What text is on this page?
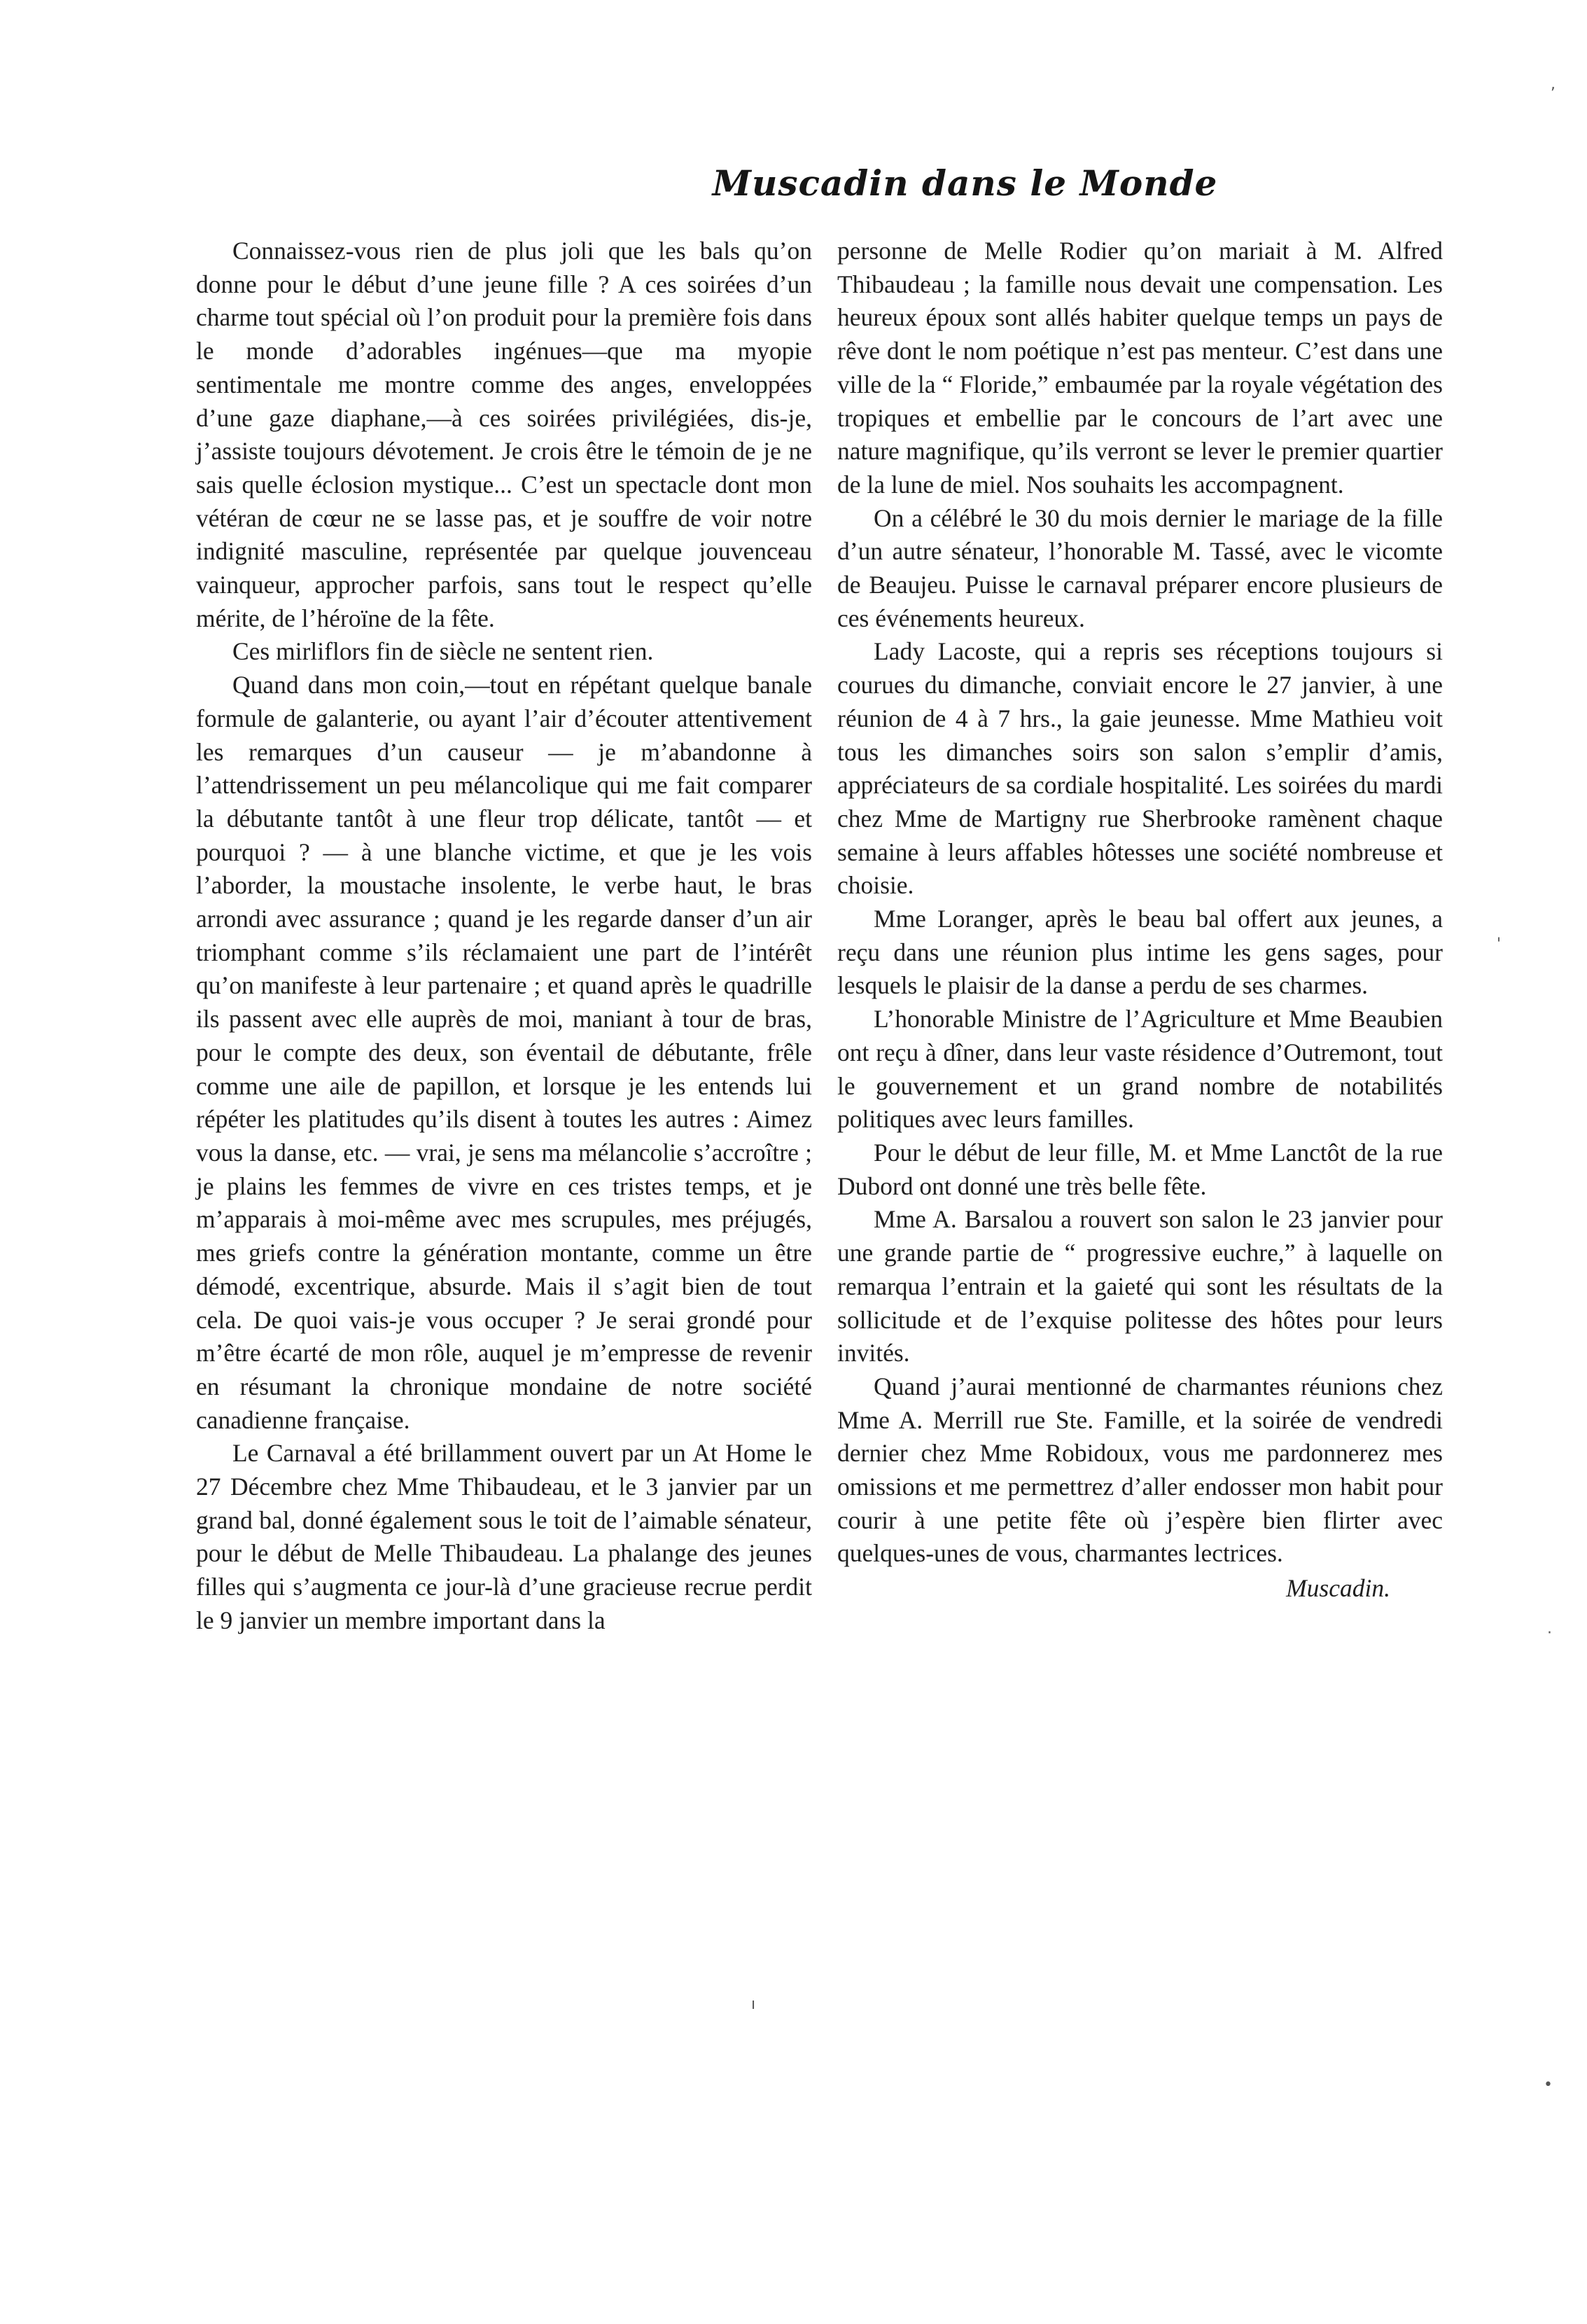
Muscadin dans le Monde

Connaissez-vous rien de plus joli que les bals qu’on donne pour le début d’une jeune fille ? A ces soirées d’un charme tout spécial où l’on produit pour la première fois dans le monde d’adorables ingénues—que ma myopie sentimentale me montre comme des anges, enveloppées d’une gaze diaphane,—à ces soirées privilégiées, dis-je, j’assiste toujours dévotement. Je crois être le témoin de je ne sais quelle éclosion mystique... C’est un spectacle dont mon vétéran de cœur ne se lasse pas, et je souffre de voir notre indignité masculine, représentée par quelque jouvenceau vainqueur, approcher parfois, sans tout le respect qu’elle mérite, de l’héroïne de la fête.

Ces mirliflors fin de siècle ne sentent rien.

Quand dans mon coin,—tout en répétant quelque banale formule de galanterie, ou ayant l’air d’écouter attentivement les remarques d’un causeur — je m’abandonne à l’attendrissement un peu mélancolique qui me fait comparer la débutante tantôt à une fleur trop délicate, tantôt — et pourquoi ? — à une blanche victime, et que je les vois l’aborder, la moustache insolente, le verbe haut, le bras arrondi avec assurance ; quand je les regarde danser d’un air triomphant comme s’ils réclamaient une part de l’intérêt qu’on manifeste à leur partenaire ; et quand après le quadrille ils passent avec elle auprès de moi, maniant à tour de bras, pour le compte des deux, son éventail de débutante, frêle comme une aile de papillon, et lorsque je les entends lui répéter les platitudes qu’ils disent à toutes les autres : Aimez vous la danse, etc. — vrai, je sens ma mélancolie s’accroître ; je plains les femmes de vivre en ces tristes temps, et je m’apparais à moi-même avec mes scrupules, mes préjugés, mes griefs contre la génération montante, comme un être démodé, excentrique, absurde. Mais il s’agit bien de tout cela. De quoi vais-je vous occuper ? Je serai grondé pour m’être écarté de mon rôle, auquel je m’empresse de revenir en résumant la chronique mondaine de notre société canadienne française.

Le Carnaval a été brillamment ouvert par un At Home le 27 Décembre chez Mme Thibaudeau, et le 3 janvier par un grand bal, donné également sous le toit de l’aimable sénateur, pour le début de Melle Thibaudeau. La phalange des jeunes filles qui s’augmenta ce jour-là d’une gracieuse recrue perdit le 9 janvier un membre important dans la

personne de Melle Rodier qu’on mariait à M. Alfred Thibaudeau ; la famille nous devait une compensation. Les heureux époux sont allés habiter quelque temps un pays de rêve dont le nom poétique n’est pas menteur. C’est dans une ville de la “ Floride,” embaumée par la royale végétation des tropiques et embellie par le concours de l’art avec une nature magnifique, qu’ils verront se lever le premier quartier de la lune de miel. Nos souhaits les accompagnent.

On a célébré le 30 du mois dernier le mariage de la fille d’un autre sénateur, l’honorable M. Tassé, avec le vicomte de Beaujeu. Puisse le carnaval préparer encore plusieurs de ces événements heureux.

Lady Lacoste, qui a repris ses réceptions toujours si courues du dimanche, conviait encore le 27 janvier, à une réunion de 4 à 7 hrs., la gaie jeunesse. Mme Mathieu voit tous les dimanches soirs son salon s’emplir d’amis, appréciateurs de sa cordiale hospitalité. Les soirées du mardi chez Mme de Martigny rue Sherbrooke ramènent chaque semaine à leurs affables hôtesses une société nombreuse et choisie.

Mme Loranger, après le beau bal offert aux jeunes, a reçu dans une réunion plus intime les gens sages, pour lesquels le plaisir de la danse a perdu de ses charmes.

L’honorable Ministre de l’Agriculture et Mme Beaubien ont reçu à dîner, dans leur vaste résidence d’Outremont, tout le gouvernement et un grand nombre de notabilités politiques avec leurs familles.

Pour le début de leur fille, M. et Mme Lanctôt de la rue Dubord ont donné une très belle fête.

Mme A. Barsalou a rouvert son salon le 23 janvier pour une grande partie de “ progressive euchre,” à laquelle on remarqua l’entrain et la gaieté qui sont les résultats de la sollicitude et de l’exquise politesse des hôtes pour leurs invités.

Quand j’aurai mentionné de charmantes réunions chez Mme A. Merrill rue Ste. Famille, et la soirée de vendredi dernier chez Mme Robidoux, vous me pardonnerez mes omissions et me permettrez d’aller endosser mon habit pour courir à une petite fête où j’espère bien flirter avec quelques-unes de vous, charmantes lectrices.

Muscadin.
,
'
ı
·
•
